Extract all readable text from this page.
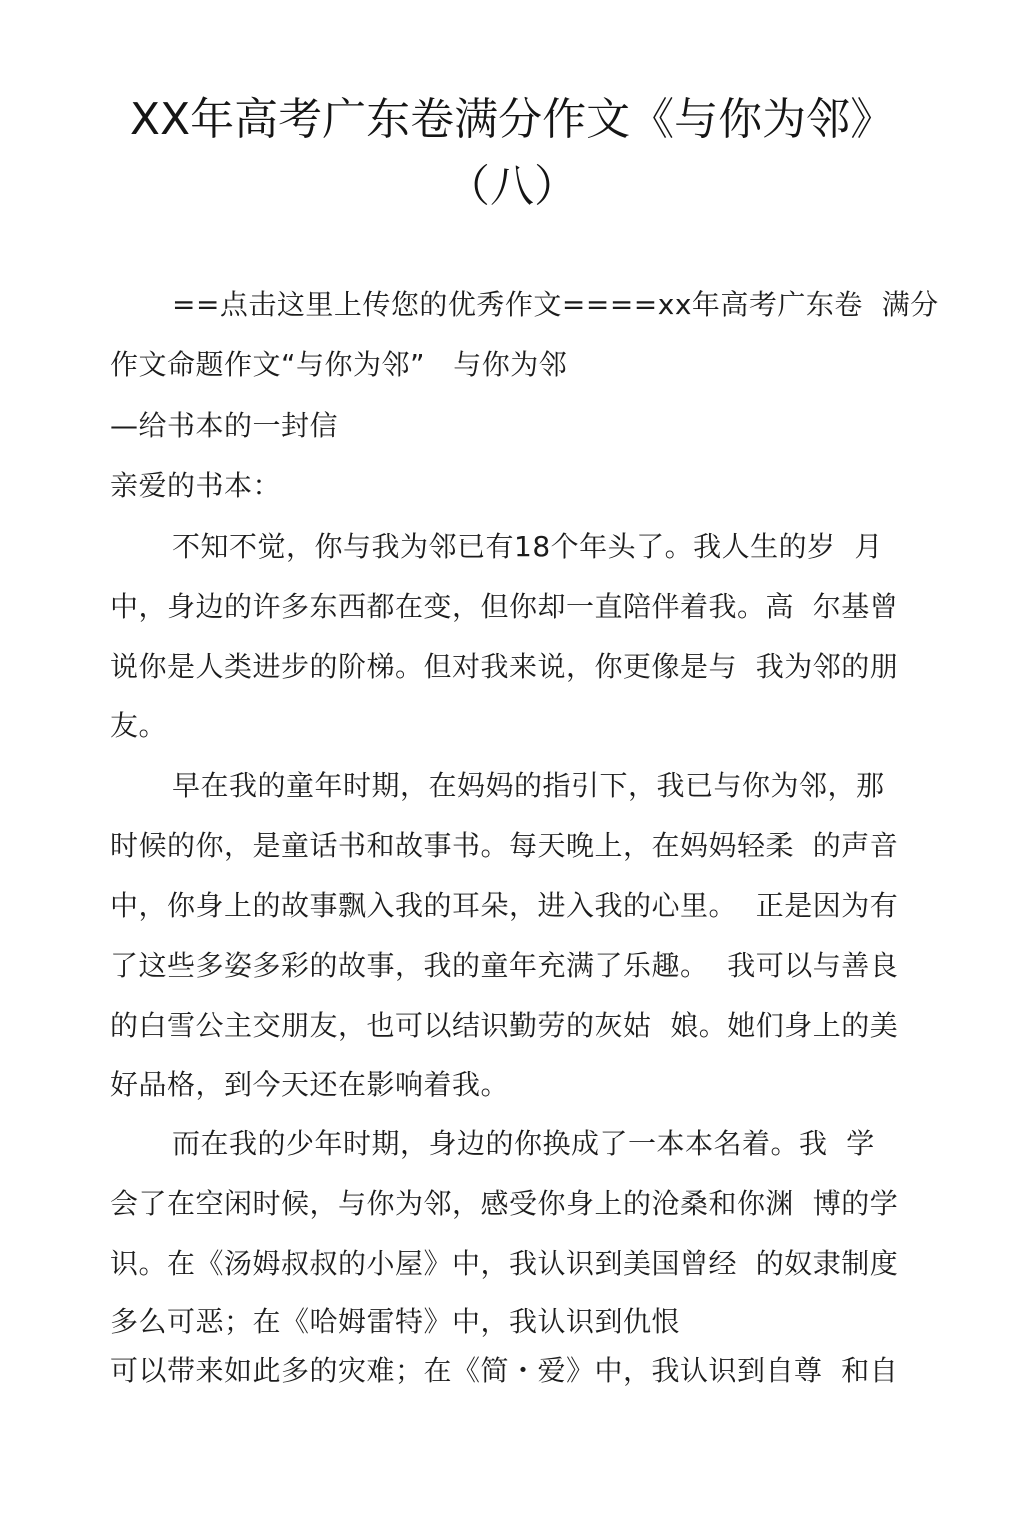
XX年高考广东卷满分作文《与你为邻》
（八）
==点击这里上传您的优秀作文====xx年高考广东卷  满分
作文命题作文“与你为邻”   与你为邻
—给书本的一封信
亲爱的书本：
不知不觉，你与我为邻已有18个年头了。我人生的岁  月
中，身边的许多东西都在变，但你却一直陪伴着我。高  尔基曾
说你是人类进步的阶梯。但对我来说，你更像是与  我为邻的朋
友。
早在我的童年时期，在妈妈的指引下，我已与你为邻，那
时候的你，是童话书和故事书。每天晚上，在妈妈轻柔  的声音
中，你身上的故事飘入我的耳朵，进入我的心里。  正是因为有
了这些多姿多彩的故事，我的童年充满了乐趣。  我可以与善良
的白雪公主交朋友，也可以结识勤劳的灰姑  娘。她们身上的美
好品格，到今天还在影响着我。
而在我的少年时期，身边的你换成了一本本名着。我  学
会了在空闲时候，与你为邻，感受你身上的沧桑和你渊  博的学
识。在《汤姆叔叔的小屋》中，我认识到美国曾经  的奴隶制度
多么可恶；在《哈姆雷特》中，我认识到仇恨
可以带来如此多的灾难；在《简・爱》中，我认识到自尊  和自
